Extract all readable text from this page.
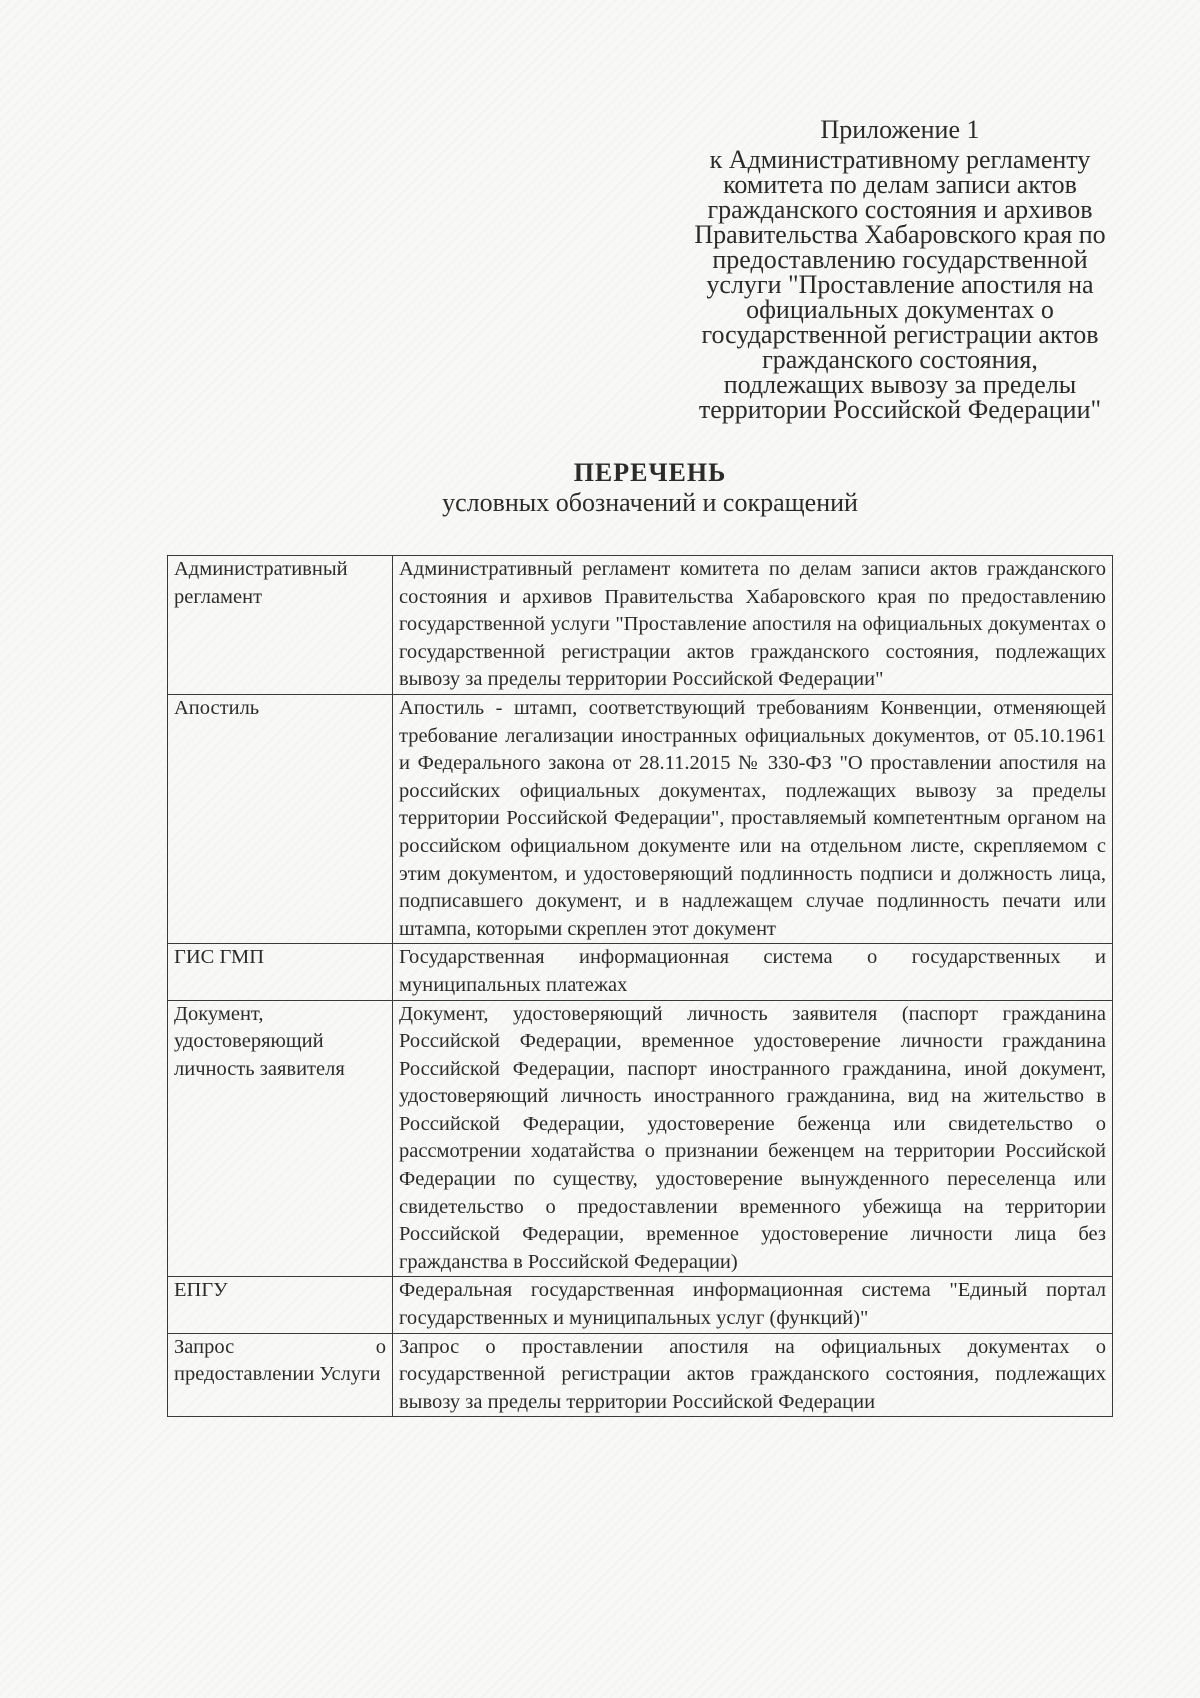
Приложение 1
к Административному регламенту
комитета по делам записи актов
гражданского состояния и архивов
Правительства Хабаровского края по
предоставлению государственной
услуги "Проставление апостиля на
официальных документах о
государственной регистрации актов
гражданского состояния,
подлежащих вывозу за пределы
территории Российской Федерации"
ПЕРЕЧЕНЬ
условных обозначений и сокращений
Административный регламент	Административный регламент комитета по делам записи актов гражданского состояния и архивов Правительства Хабаровского края по предоставлению государственной услуги "Проставление апостиля на официальных документах о государственной регистрации актов гражданского состояния, подлежащих вывозу за пределы территории Российской Федерации"
Апостиль	Апостиль - штамп, соответствующий требованиям Конвенции, отменяющей требование легализации иностранных официальных документов, от 05.10.1961 и Федерального закона от 28.11.2015 № 330-ФЗ "О проставлении апостиля на российских официальных документах, подлежащих вывозу за пределы территории Российской Федерации", проставляемый компетентным органом на российском официальном документе или на отдельном листе, скрепляемом с этим документом, и удостоверяющий подлинность подписи и должность лица, подписавшего документ, и в надлежащем случае подлинность печати или штампа, которыми скреплен этот документ
ГИС ГМП	Государственная информационная система о государственных и муниципальных платежах
Документ, удостоверяющий личность заявителя	Документ, удостоверяющий личность заявителя (паспорт гражданина Российской Федерации, временное удостоверение личности гражданина Российской Федерации, паспорт иностранного гражданина, иной документ, удостоверяющий личность иностранного гражданина, вид на жительство в Российской Федерации, удостоверение беженца или свидетельство о рассмотрении ходатайства о признании беженцем на территории Российской Федерации по существу, удостоверение вынужденного переселенца или свидетельство о предоставлении временного убежища на территории Российской Федерации, временное удостоверение личности лица без гражданства в Российской Федерации)
ЕПГУ	Федеральная государственная информационная система "Единый портал государственных и муниципальных услуг (функций)"
Запрос о предоставлении Услуги	Запрос о проставлении апостиля на официальных документах о государственной регистрации актов гражданского состояния, подлежащих вывозу за пределы территории Российской Федерации
